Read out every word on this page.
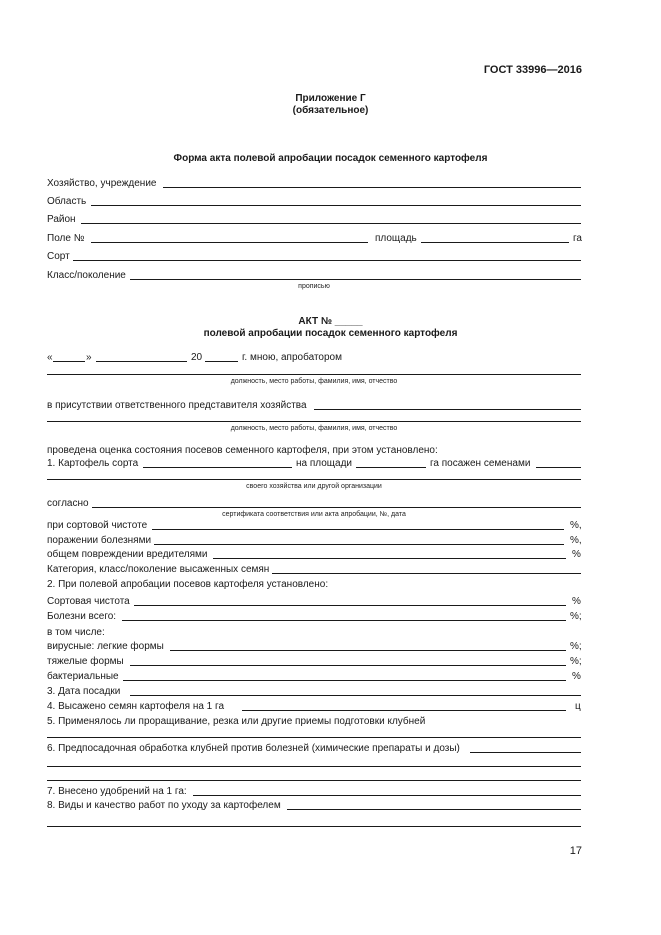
ГОСТ 33996—2016
Приложение Г
(обязательное)
Форма акта полевой апробации посадок семенного картофеля
Хозяйство, учреждение
Область
Район
Поле №	площадь	га
Сорт
Класс/поколение
прописью
АКТ № _____
полевой апробации посадок семенного картофеля
«	»	20	г. мною, апробатором
должность, место работы, фамилия, имя, отчество
в присутствии ответственного представителя хозяйства
должность, место работы, фамилия, имя, отчество
проведена оценка состояния посевов семенного картофеля, при этом установлено:
1. Картофель сорта	на площади	га посажен семенами
своего хозяйства или другой организации
согласно
сертификата соответствия или акта апробации, №, дата
при сортовой чистоте	%,
поражении болезнями	%,
общем повреждении вредителями	%
Категория, класс/поколение высаженных семян
2. При полевой апробации посевов картофеля установлено:
Сортовая чистота	%
Болезни всего:	%;
в том числе:
вирусные: легкие формы	%;
тяжелые формы	%;
бактериальные	%
3. Дата посадки
4. Высажено семян картофеля на 1 га	ц
5. Применялось ли проращивание, резка или другие приемы подготовки клубней
6. Предпосадочная обработка клубней против болезней (химические препараты и дозы)
7. Внесено удобрений на 1 га:
8. Виды и качество работ по уходу за картофелем
17
